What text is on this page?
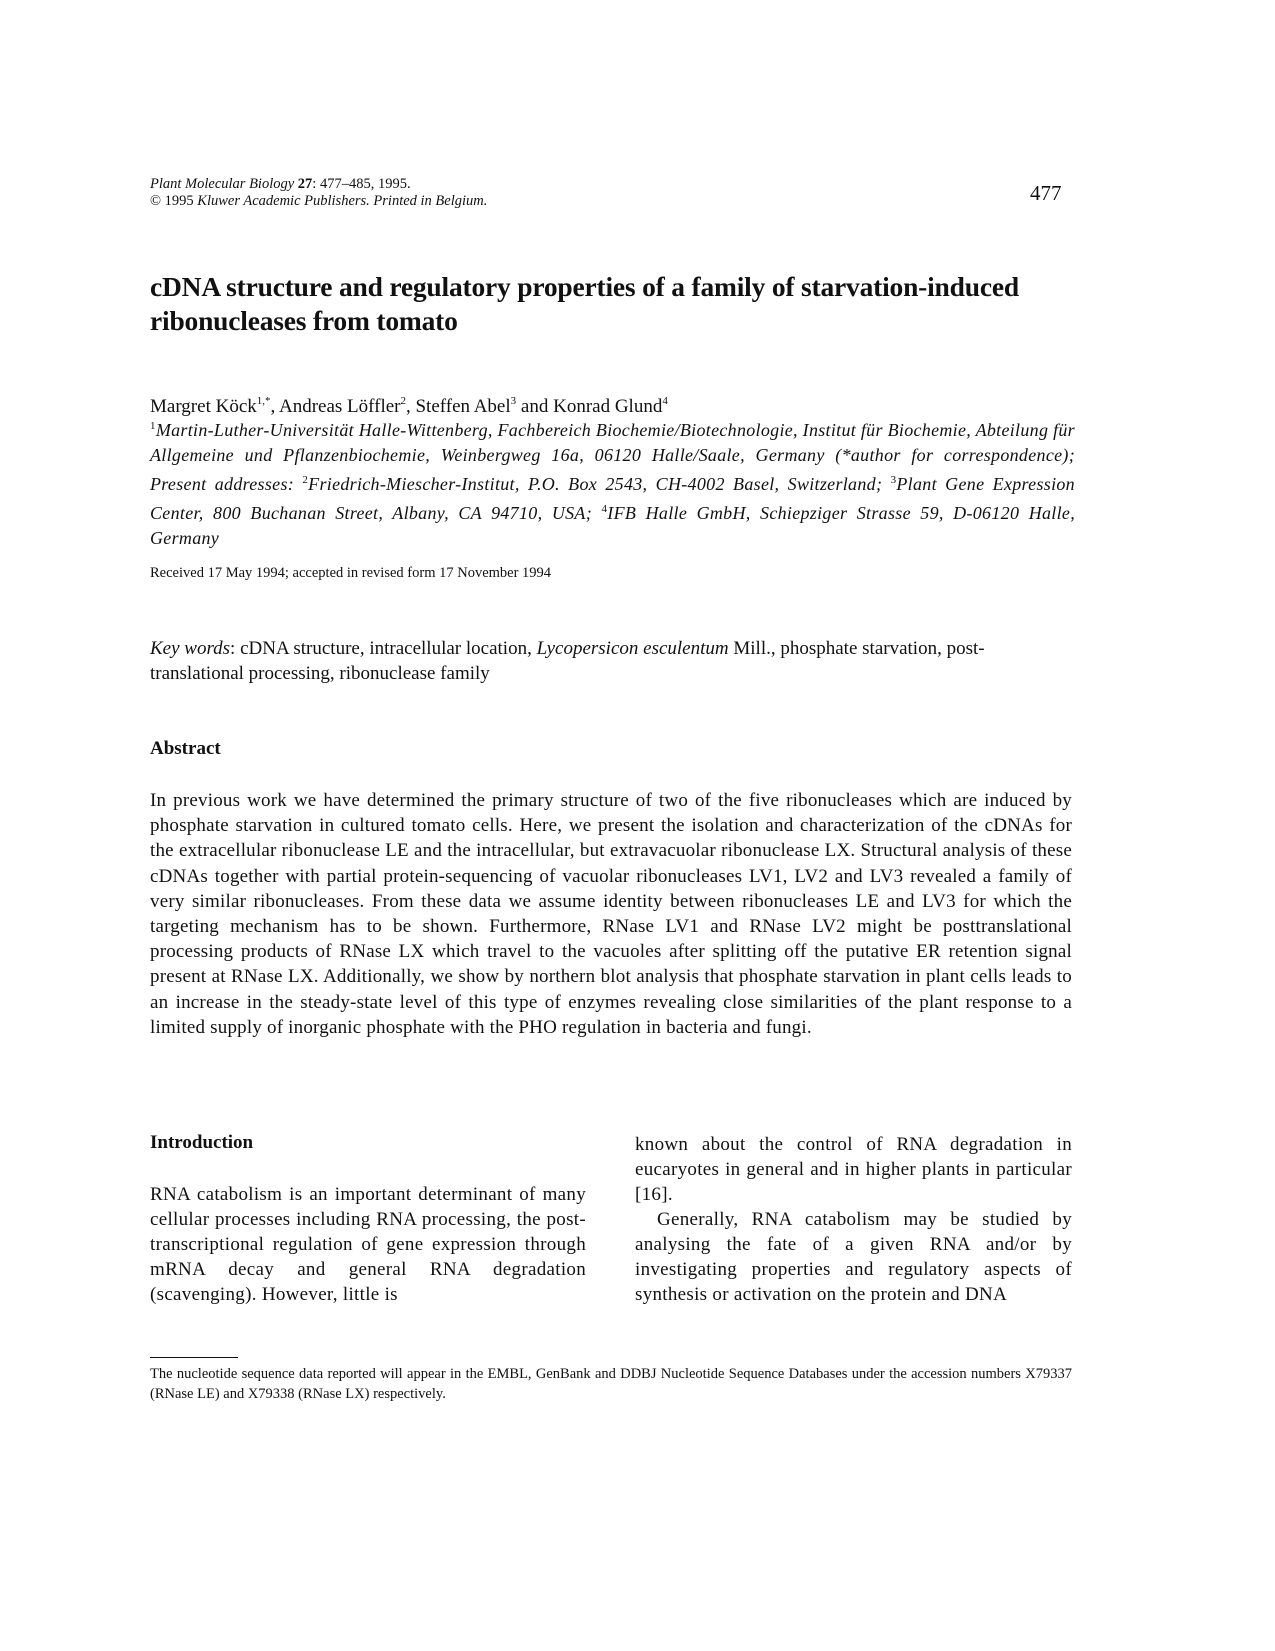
Plant Molecular Biology 27: 477–485, 1995.
© 1995 Kluwer Academic Publishers. Printed in Belgium.	477
cDNA structure and regulatory properties of a family of starvation-induced ribonucleases from tomato
Margret Köck$^{1,*}$, Andreas Löffler$^2$, Steffen Abel$^3$ and Konrad Glund$^4$
$^1$Martin-Luther-Universität Halle-Wittenberg, Fachbereich Biochemie/Biotechnologie, Institut für Biochemie, Abteilung für Allgemeine und Pflanzenbiochemie, Weinbergweg 16a, 06120 Halle/Saale, Germany (*author for correspondence); Present addresses: $^2$Friedrich-Miescher-Institut, P.O. Box 2543, CH-4002 Basel, Switzerland; $^3$Plant Gene Expression Center, 800 Buchanan Street, Albany, CA 94710, USA; $^4$IFB Halle GmbH, Schiepziger Strasse 59, D-06120 Halle, Germany
Received 17 May 1994; accepted in revised form 17 November 1994
Key words: cDNA structure, intracellular location, Lycopersicon esculentum Mill., phosphate starvation, post-translational processing, ribonuclease family
Abstract
In previous work we have determined the primary structure of two of the five ribonucleases which are induced by phosphate starvation in cultured tomato cells. Here, we present the isolation and characterization of the cDNAs for the extracellular ribonuclease LE and the intracellular, but extravacuolar ribonuclease LX. Structural analysis of these cDNAs together with partial protein-sequencing of vacuolar ribonucleases LV1, LV2 and LV3 revealed a family of very similar ribonucleases. From these data we assume identity between ribonucleases LE and LV3 for which the targeting mechanism has to be shown. Furthermore, RNase LV1 and RNase LV2 might be posttranslational processing products of RNase LX which travel to the vacuoles after splitting off the putative ER retention signal present at RNase LX. Additionally, we show by northern blot analysis that phosphate starvation in plant cells leads to an increase in the steady-state level of this type of enzymes revealing close similarities of the plant response to a limited supply of inorganic phosphate with the PHO regulation in bacteria and fungi.
Introduction

RNA catabolism is an important determinant of many cellular processes including RNA processing, the post-transcriptional regulation of gene expression through mRNA decay and general RNA degradation (scavenging). However, little is

known about the control of RNA degradation in eucaryotes in general and in higher plants in particular [16].

Generally, RNA catabolism may be studied by analysing the fate of a given RNA and/or by investigating properties and regulatory aspects of synthesis or activation on the protein and DNA

The nucleotide sequence data reported will appear in the EMBL, GenBank and DDBJ Nucleotide Sequence Databases under the accession numbers X79337 (RNase LE) and X79338 (RNase LX) respectively.
